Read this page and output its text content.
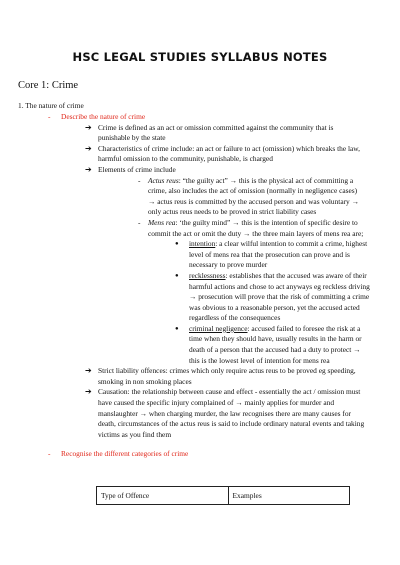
HSC LEGAL STUDIES SYLLABUS NOTES
Core 1: Crime
1. The nature of crime
- Describe the nature of crime
➔ Crime is defined as an act or omission committed against the community that is punishable by the state
➔ Characteristics of crime include: an act or failure to act (omission) which breaks the law, harmful omission to the community, punishable, is charged
➔ Elements of crime include
- Actus reus: “the guilty act” → this is the physical act of committing a crime, also includes the act of omission (normally in negligence cases) → actus reus is committed by the accused person and was voluntary → only actus reus needs to be proved in strict liability cases
- Mens rea: ‘the guilty mind” → this is the intention of specific desire to commit the act or omit the duty → the three main layers of mens rea are;
● intention: a clear wilful intention to commit a crime, highest level of mens rea that the prosecution can prove and is necessary to prove murder
● recklessness: establishes that the accused was aware of their harmful actions and chose to act anyways eg reckless driving → prosecution will prove that the risk of committing a crime was obvious to a reasonable person, yet the accused acted regardless of the consequences
● criminal negligence: accused failed to foresee the risk at a time when they should have, usually results in the harm or death of a person that the accused had a duty to protect → this is the lowest level of intention for mens rea
➔ Strict liability offences: crimes which only require actus reus to be proved eg speeding, smoking in non smoking places
➔ Causation: the relationship between cause and effect - essentially the act / omission must have caused the specific injury complained of → mainly applies for murder and manslaughter → when charging murder, the law recognises there are many causes for death, circumstances of the actus reus is said to include ordinary natural events and taking victims as you find them
- Recognise the different categories of crime
Type of Offence	Examples
